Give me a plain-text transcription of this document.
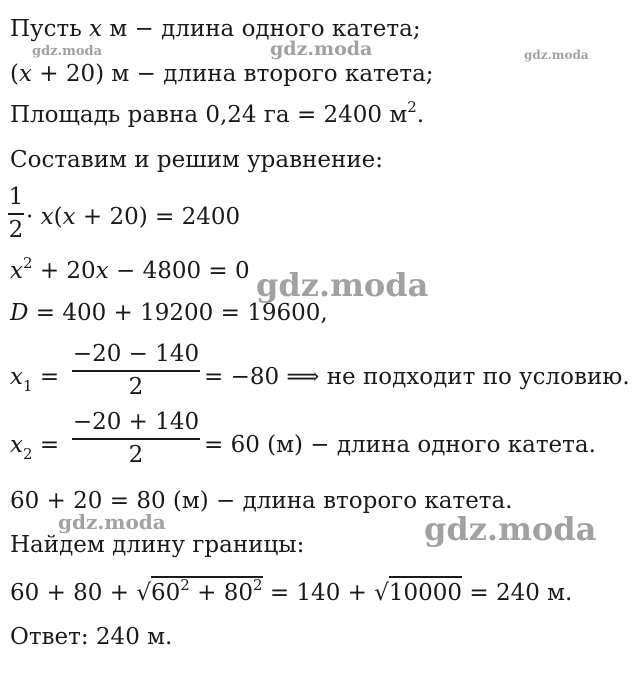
Пусть x м − длина одного катета;
(x + 20) м − длина второго катета;
Площадь равна 0,24 га = 2400 $м^2$.
Составим и решим уравнение:
1
2 · x(x + 20) = 2400
$x^2 + 20x - 4800 = 0$
D = 400 + 19200 = 19600,
$x_1$ =
−20 − 140
2	= −80 ⟹ не подходит по условию.
$x_2$ =
−20 + 140
2	= 60 (м) − длина одного катета.
60 + 20 = 80 (м) − длина второго катета.
Найдем длину границы:
$60 + 80 + √60^2 + 80^2 = 140 + √10000 = 240$ м.
Ответ: 240 м.
gdz.moda	gdz.moda	gdz.moda
gdz.moda
gdz.moda	gdz.moda
